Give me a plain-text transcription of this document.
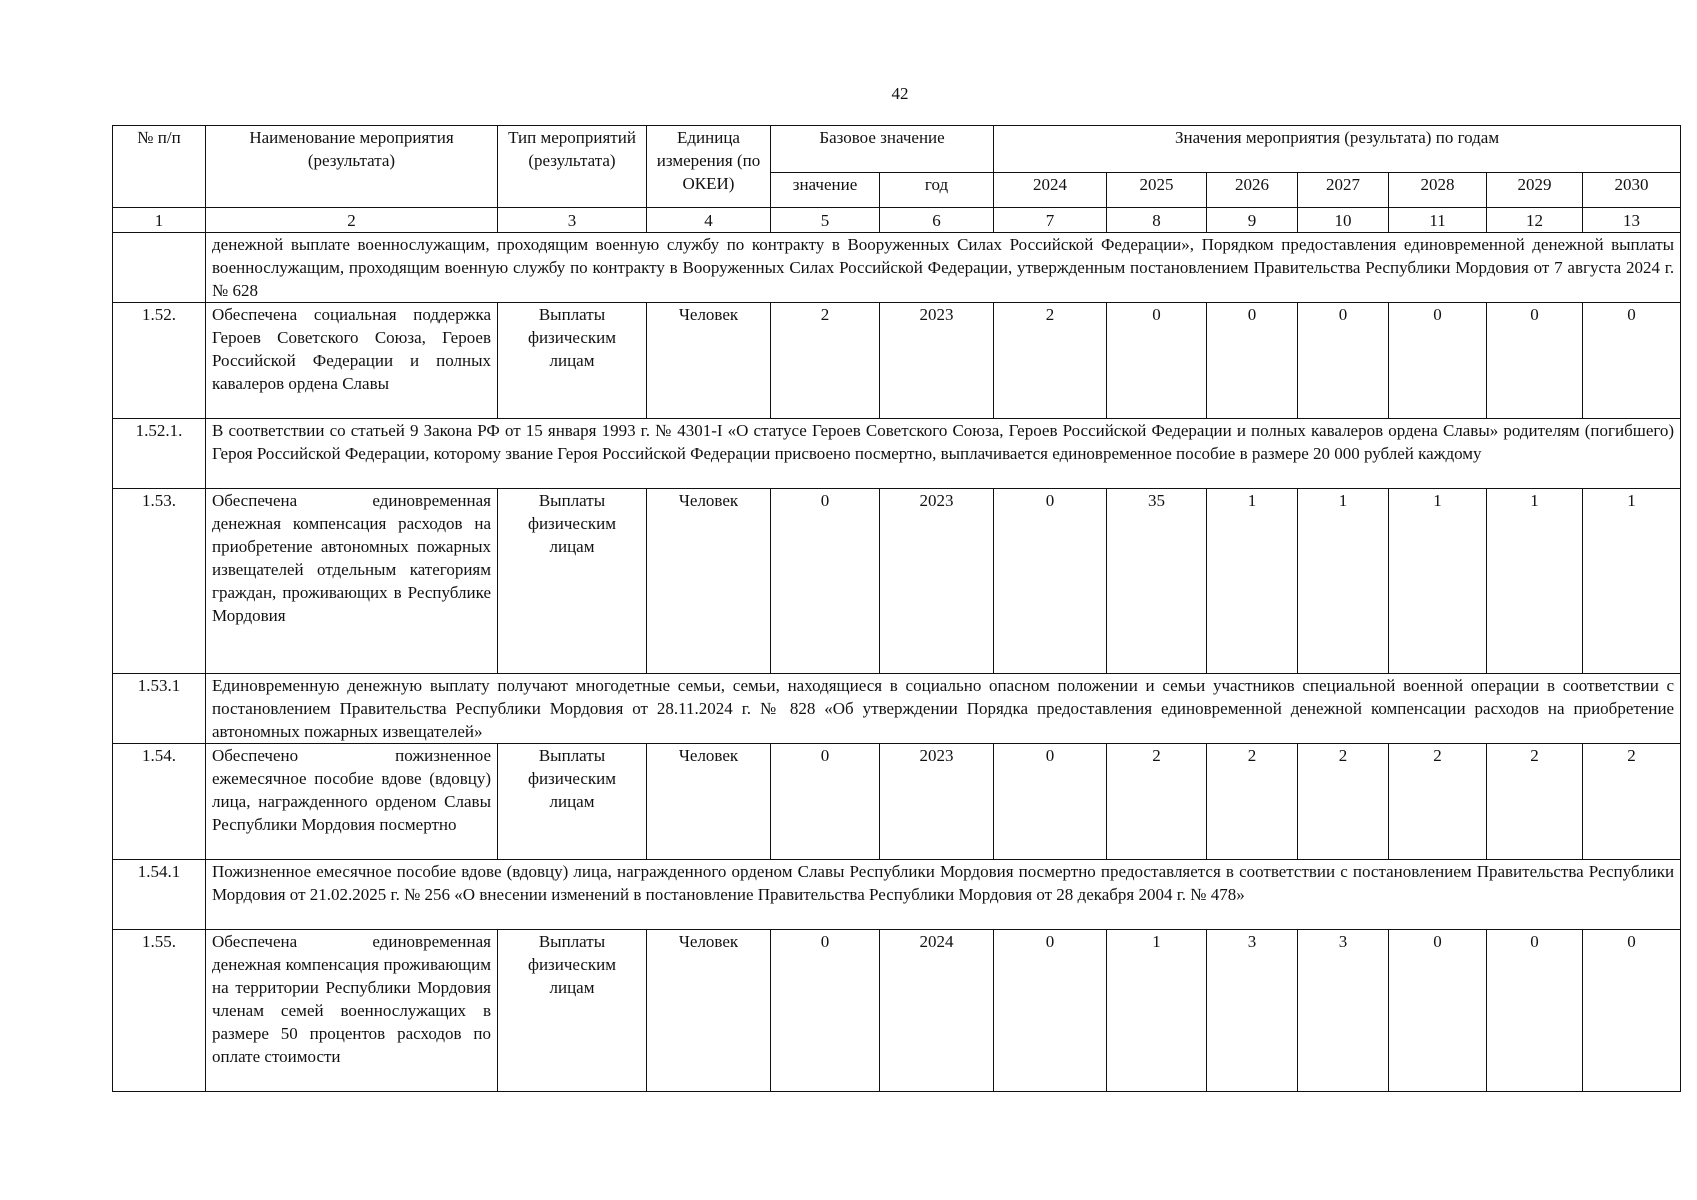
42
№ п/п	Наименование мероприятия (результата)	Тип мероприятий (результата)	Единица измерения (по ОКЕИ)	Базовое значение		Значения мероприятия (результата) по годам						
				значение	год	2024	2025	2026	2027	2028	2029	2030
1	2	3	4	5	6	7	8	9	10	11	12	13
	денежной выплате военнослужащим, проходящим военную службу по контракту в Вооруженных Силах Российской Федерации», Порядком предоставления единовременной денежной выплаты военнослужащим, проходящим военную службу по контракту в Вооруженных Силах Российской Федерации, утвержденным постановлением Правительства Республики Мордовия от 7 августа 2024 г. № 628											
1.52.	Обеспечена социальная поддержка Героев Советского Союза, Героев Российской Федерации и полных кавалеров ордена Славы	Выплаты физическим лицам	Человек	2	2023	2	0	0	0	0	0	0
1.52.1.	В соответствии со статьей 9 Закона РФ от 15 января 1993 г. № 4301-I «О статусе Героев Советского Союза, Героев Российской Федерации и полных кавалеров ордена Славы» родителям (погибшего) Героя Российской Федерации, которому звание Героя Российской Федерации присвоено посмертно, выплачивается единовременное пособие в размере 20 000 рублей каждому											
1.53.	Обеспечена единовременная денежная компенсация расходов на приобретение автономных пожарных извещателей отдельным категориям граждан, проживающих в Республике Мордовия	Выплаты физическим лицам	Человек	0	2023	0	35	1	1	1	1	1
1.53.1	Единовременную денежную выплату получают многодетные семьи, семьи, находящиеся в социально опасном положении и семьи участников специальной военной операции в соответствии с постановлением Правительства Республики Мордовия от 28.11.2024 г. № 828 «Об утверждении Порядка предоставления единовременной денежной компенсации расходов на приобретение автономных пожарных извещателей»											
1.54.	Обеспечено пожизненное ежемесячное пособие вдове (вдовцу) лица, награжденного орденом Славы Республики Мордовия посмертно	Выплаты физическим лицам	Человек	0	2023	0	2	2	2	2	2	2
1.54.1	Пожизненное емесячное пособие вдове (вдовцу) лица, награжденного орденом Славы Республики Мордовия посмертно предоставляется в соответствии с постановлением Правительства Республики Мордовия от 21.02.2025 г. № 256 «О внесении изменений в постановление Правительства Республики Мордовия от 28 декабря 2004 г. № 478»											
1.55.	Обеспечена единовременная денежная компенсация проживающим на территории Республики Мордовия членам семей военнослужащих в размере 50 процентов расходов по оплате стоимости	Выплаты физическим лицам	Человек	0	2024	0	1	3	3	0	0	0
